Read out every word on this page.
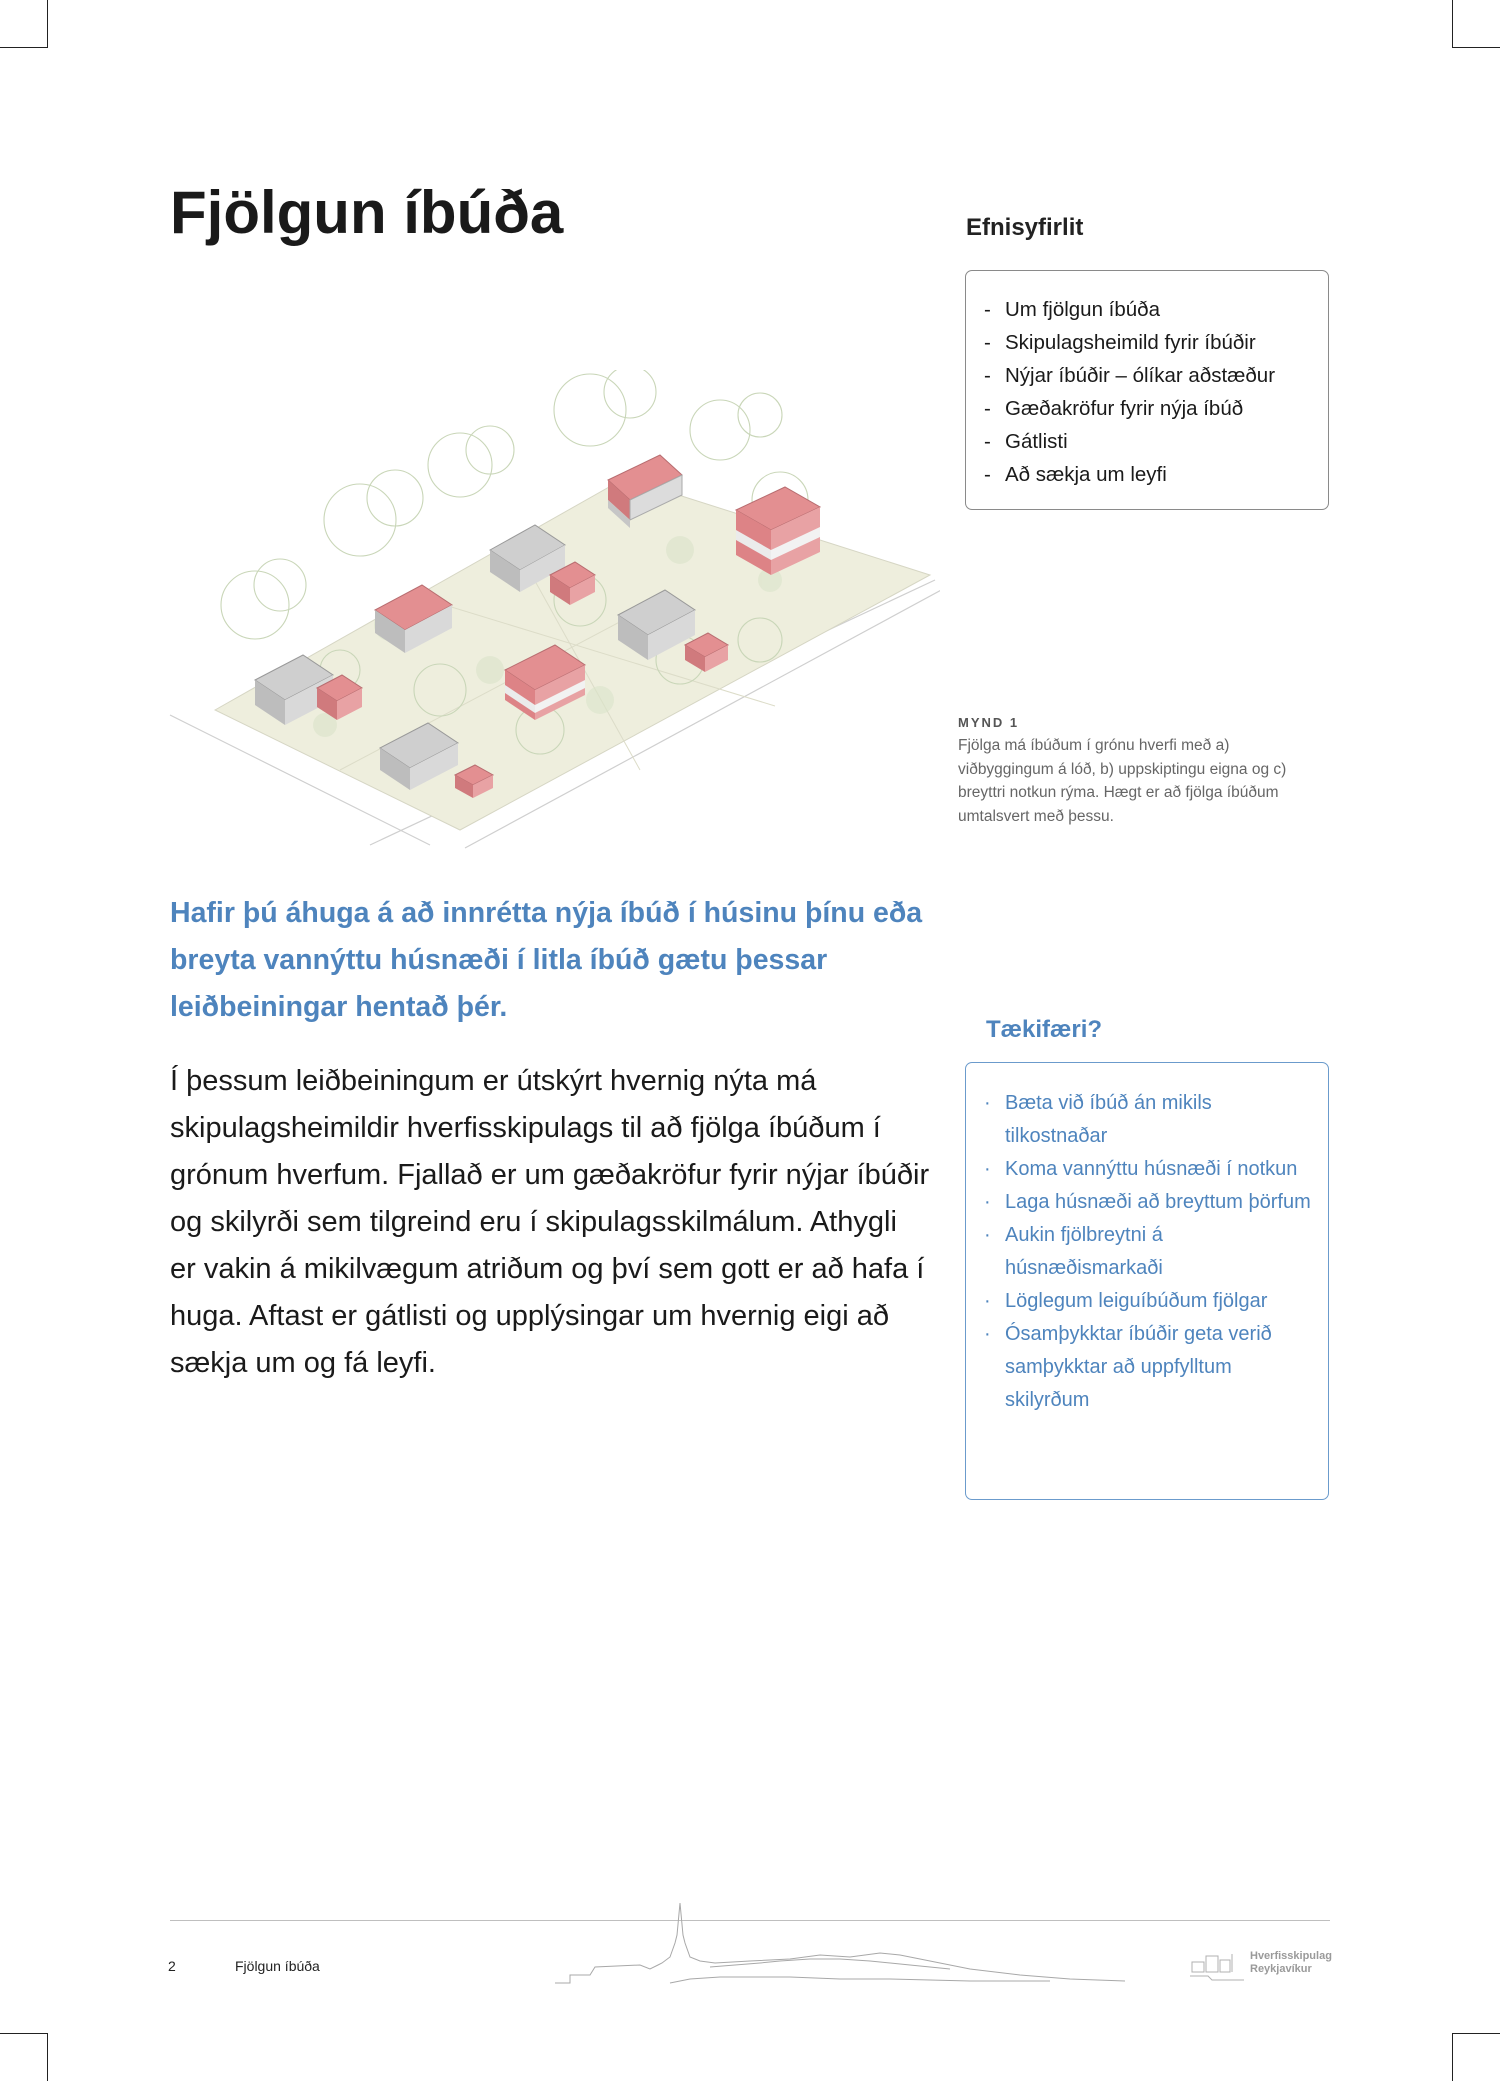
Fjölgun íbúða	Efnisyfirlit
- Um fjölgun íbúða
- Skipulagsheimild fyrir íbúðir
- Nýjar íbúðir – ólíkar aðstæður
- Gæðakröfur fyrir nýja íbúð
- Gátlisti
- Að sækja um leyfi
MYND 1
Fjölga má íbúðum í grónu hverfi með a) viðbyggingum á lóð, b) uppskiptingu eigna og c) breyttri notkun rýma. Hægt er að fjölga íbúðum umtalsvert með þessu.

Hafir þú áhuga á að innrétta nýja íbúð í húsinu þínu eða breyta vannýttu húsnæði í litla íbúð gætu þessar leiðbeiningar hentað þér.

Í þessum leiðbeiningum er útskýrt hvernig nýta má skipulagsheimildir hverfisskipulags til að fjölga íbúðum í grónum hverfum. Fjallað er um gæðakröfur fyrir nýjar íbúðir og skilyrði sem tilgreind eru í skipulagsskilmálum. Athygli er vakin á mikilvægum atriðum og því sem gott er að hafa í huga. Aftast er gátlisti og upplýsingar um hvernig eigi að sækja um og fá leyfi.

Tækifæri?
· Bæta við íbúð án mikils tilkostnaðar
· Koma vannýttu húsnæði í notkun
· Laga húsnæði að breyttum þörfum
· Aukin fjölbreytni á húsnæðismarkaði
· Löglegum leiguíbúðum fjölgar
· Ósamþykktar íbúðir geta verið samþykktar að uppfylltum skilyrðum
2	Fjölgun íbúða
Hverfisskipulag
Reykjavíkur
